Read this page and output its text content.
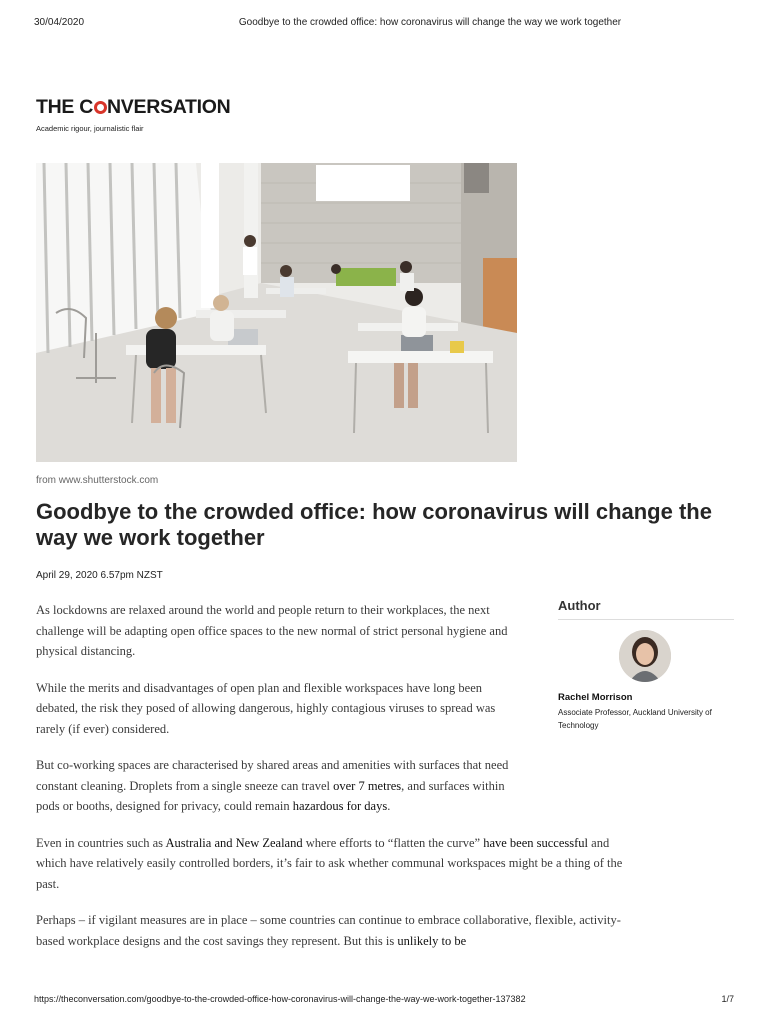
30/04/2020	Goodbye to the crowded office: how coronavirus will change the way we work together
THE C NVERSATION
Academic rigour, journalistic flair
from www.shutterstock.com
Goodbye to the crowded office: how coronavirus will change the way we work together
April 29, 2020 6.57pm NZST

As lockdowns are relaxed around the world and people return to their workplaces, the next challenge will be adapting open office spaces to the new normal of strict personal hygiene and physical distancing.

While the merits and disadvantages of open plan and flexible workspaces have long been debated, the risk they posed of allowing dangerous, highly contagious viruses to spread was rarely (if ever) considered.

But co-working spaces are characterised by shared areas and amenities with surfaces that need constant cleaning. Droplets from a single sneeze can travel over 7 metres, and surfaces within pods or booths, designed for privacy, could remain hazardous for days.

Even in countries such as Australia and New Zealand where efforts to “flatten the curve” have been successful and which have relatively easily controlled borders, it’s fair to ask whether communal workspaces might be a thing of the past.

Perhaps – if vigilant measures are in place – some countries can continue to embrace collaborative, flexible, activity-based workplace designs and the cost savings they represent. But this is unlikely to be

Author
Rachel Morrison
Associate Professor, Auckland University of Technology
https://theconversation.com/goodbye-to-the-crowded-office-how-coronavirus-will-change-the-way-we-work-together-137382	1/7
